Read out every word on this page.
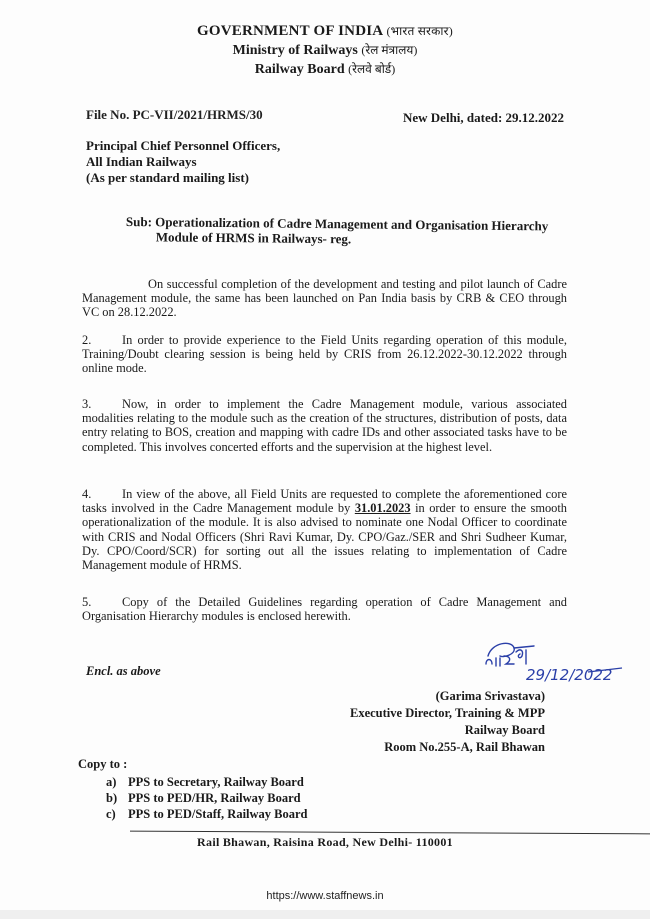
GOVERNMENT OF INDIA (भारत सरकार)
Ministry of Railways (रेल मंत्रालय)
Railway Board (रेलवे बोर्ड)
File No. PC-VII/2021/HRMS/30	New Delhi, dated: 29.12.2022
Principal Chief Personnel Officers,
All Indian Railways
(As per standard mailing list)
Sub: Operationalization of Cadre Management and Organisation Hierarchy
Module of HRMS in Railways- reg.
On successful completion of the development and testing and pilot launch of Cadre Management module, the same has been launched on Pan India basis by CRB & CEO through VC on 28.12.2022.
2. In order to provide experience to the Field Units regarding operation of this module, Training/Doubt clearing session is being held by CRIS from 26.12.2022-30.12.2022 through online mode.
3. Now, in order to implement the Cadre Management module, various associated modalities relating to the module such as the creation of the structures, distribution of posts, data entry relating to BOS, creation and mapping with cadre IDs and other associated tasks have to be completed. This involves concerted efforts and the supervision at the highest level.
4. In view of the above, all Field Units are requested to complete the aforementioned core tasks involved in the Cadre Management module by 31.01.2023 in order to ensure the smooth operationalization of the module. It is also advised to nominate one Nodal Officer to coordinate with CRIS and Nodal Officers (Shri Ravi Kumar, Dy. CPO/Gaz./SER and Shri Sudheer Kumar, Dy. CPO/Coord/SCR) for sorting out all the issues relating to implementation of Cadre Management module of HRMS.
5. Copy of the Detailed Guidelines regarding operation of Cadre Management and Organisation Hierarchy modules is enclosed herewith.
Encl. as above	29/12/2022
(Garima Srivastava)
Executive Director, Training & MPP
Railway Board
Room No.255-A, Rail Bhawan
Copy to :
a) PPS to Secretary, Railway Board
b) PPS to PED/HR, Railway Board
c) PPS to PED/Staff, Railway Board
Rail Bhawan, Raisina Road, New Delhi- 110001
https://www.staffnews.in
